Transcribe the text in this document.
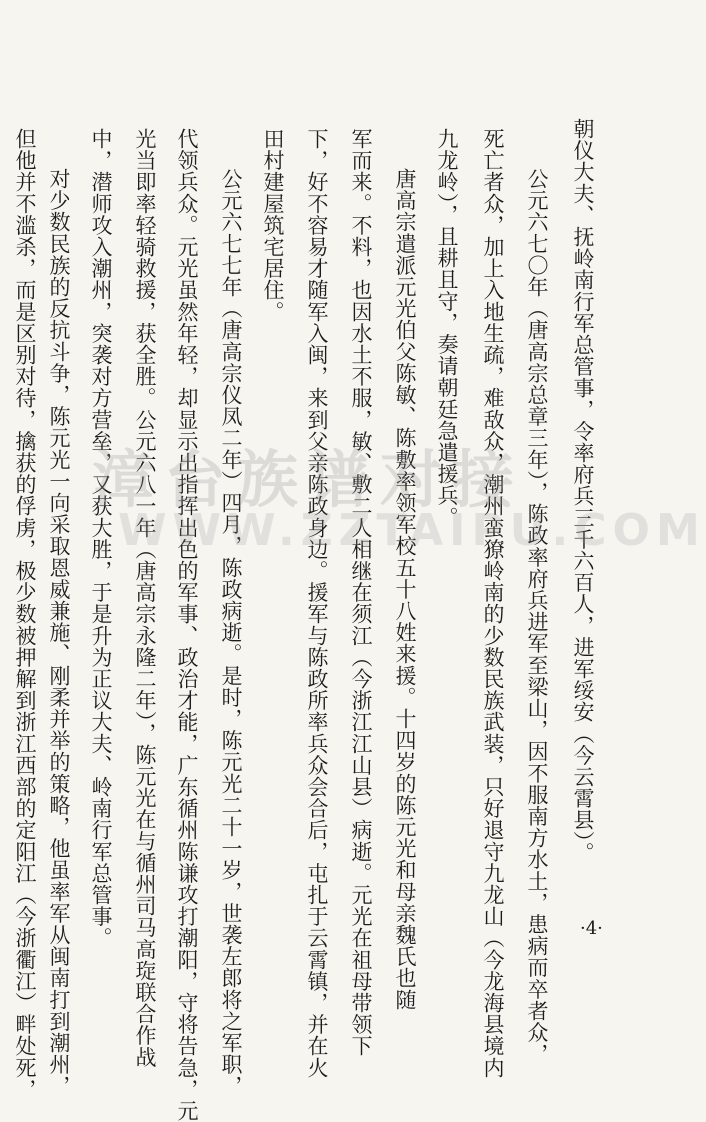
朝仪大夫、抚岭南行军总管事，令率府兵三千六百人，进军绥安（今云霄县）。
公元六七〇年（唐高宗总章三年），陈政率府兵进军至梁山，因不服南方水土，患病而卒者众，
死亡者众，加上入地生疏，难敌众，潮州蛮獠岭南的少数民族武装，只好退守九龙山（今龙海县境内
九龙岭），且耕且守，奏请朝廷急遣援兵。
唐高宗遣派元光伯父陈敏、陈敷率领军校五十八姓来援。十四岁的陈元光和母亲魏氏也随
军而来。不料，也因水土不服，敏、敷二人相继在须江（今浙江江山县）病逝。元光在祖母带领下
下，好不容易才随军入闽，来到父亲陈政身边。援军与陈政所率兵众会合后，屯扎于云霄镇，并在火
田村建屋筑宅居住。
公元六七七年（唐高宗仪凤二年）四月，陈政病逝。是时，陈元光二十一岁，世袭左郎将之军职，
代领兵众。元光虽然年轻，却显示出指挥出色的军事、政治才能，广东循州陈谦攻打潮阳，守将告急，元
光当即率轻骑救援，获全胜。公元六八一年（唐高宗永隆二年），陈元光在与循州司马高琁联合作战
中，潜师攻入潮州，突袭对方营垒，又获大胜，于是升为正议大夫、岭南行军总管事。
对少数民族的反抗斗争，陈元光一向采取恩威兼施、刚柔并举的策略，他虽率军从闽南打到潮州，
但他并不滥杀，而是区别对待，擒获的俘虏，极少数被押解到浙江西部的定阳江（今浙衢江）畔处死， 漳台族谱对接
WWW.ZZTAIPU.COM
·4·
